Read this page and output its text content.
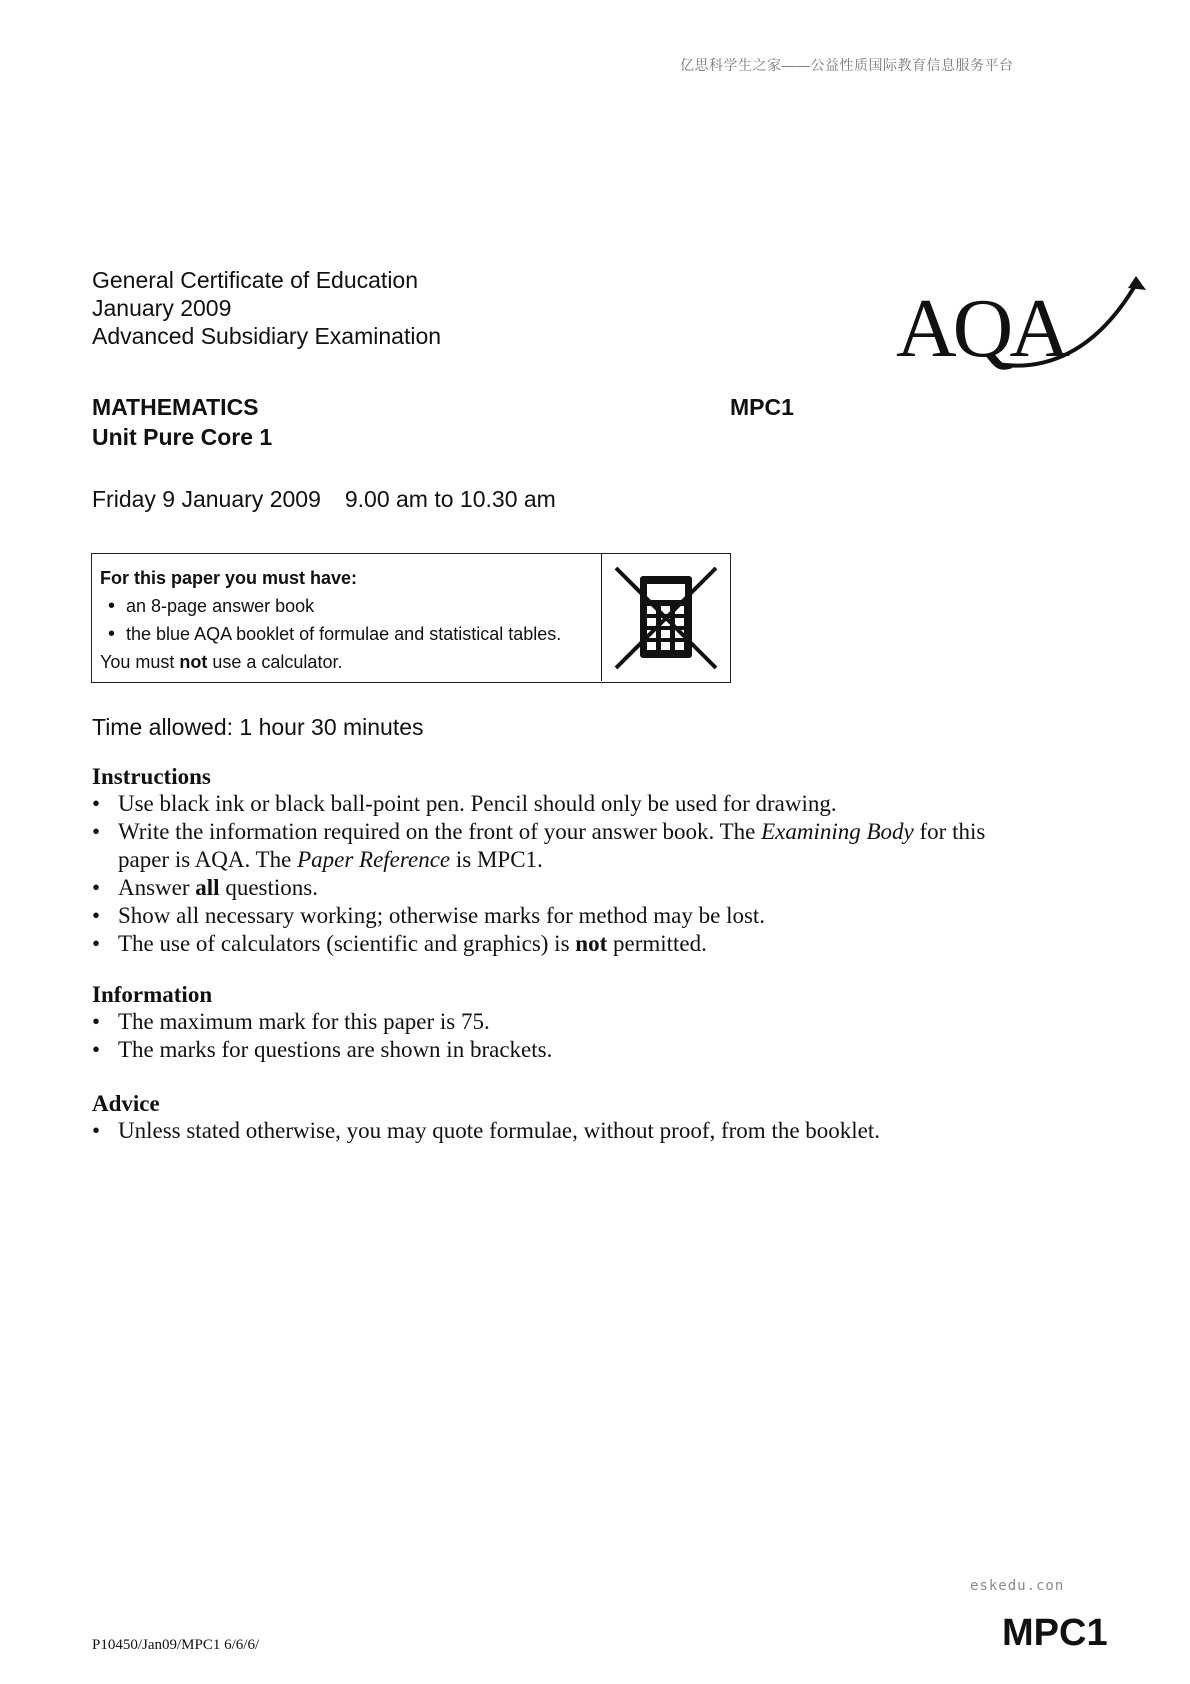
亿思科学生之家——公益性质国际教育信息服务平台
General Certificate of Education
January 2009
Advanced Subsidiary Examination	AQA
MATHEMATICS
Unit Pure Core 1
MPC1
Friday 9 January 2009 9.00 am to 10.30 am
For this paper you must have:
• an 8-page answer book
• the blue AQA booklet of formulae and statistical tables.
You must not use a calculator.
Time allowed: 1 hour 30 minutes
Instructions
• Use black ink or black ball-point pen. Pencil should only be used for drawing.
• Write the information required on the front of your answer book. The Examining Body for this
paper is AQA. The Paper Reference is MPC1.
• Answer all questions.
• Show all necessary working; otherwise marks for method may be lost.
• The use of calculators (scientific and graphics) is not permitted.
Information
• The maximum mark for this paper is 75.
• The marks for questions are shown in brackets.
Advice
• Unless stated otherwise, you may quote formulae, without proof, from the booklet.
eskedu.con
P10450/Jan09/MPC1 6/6/6/	MPC1
